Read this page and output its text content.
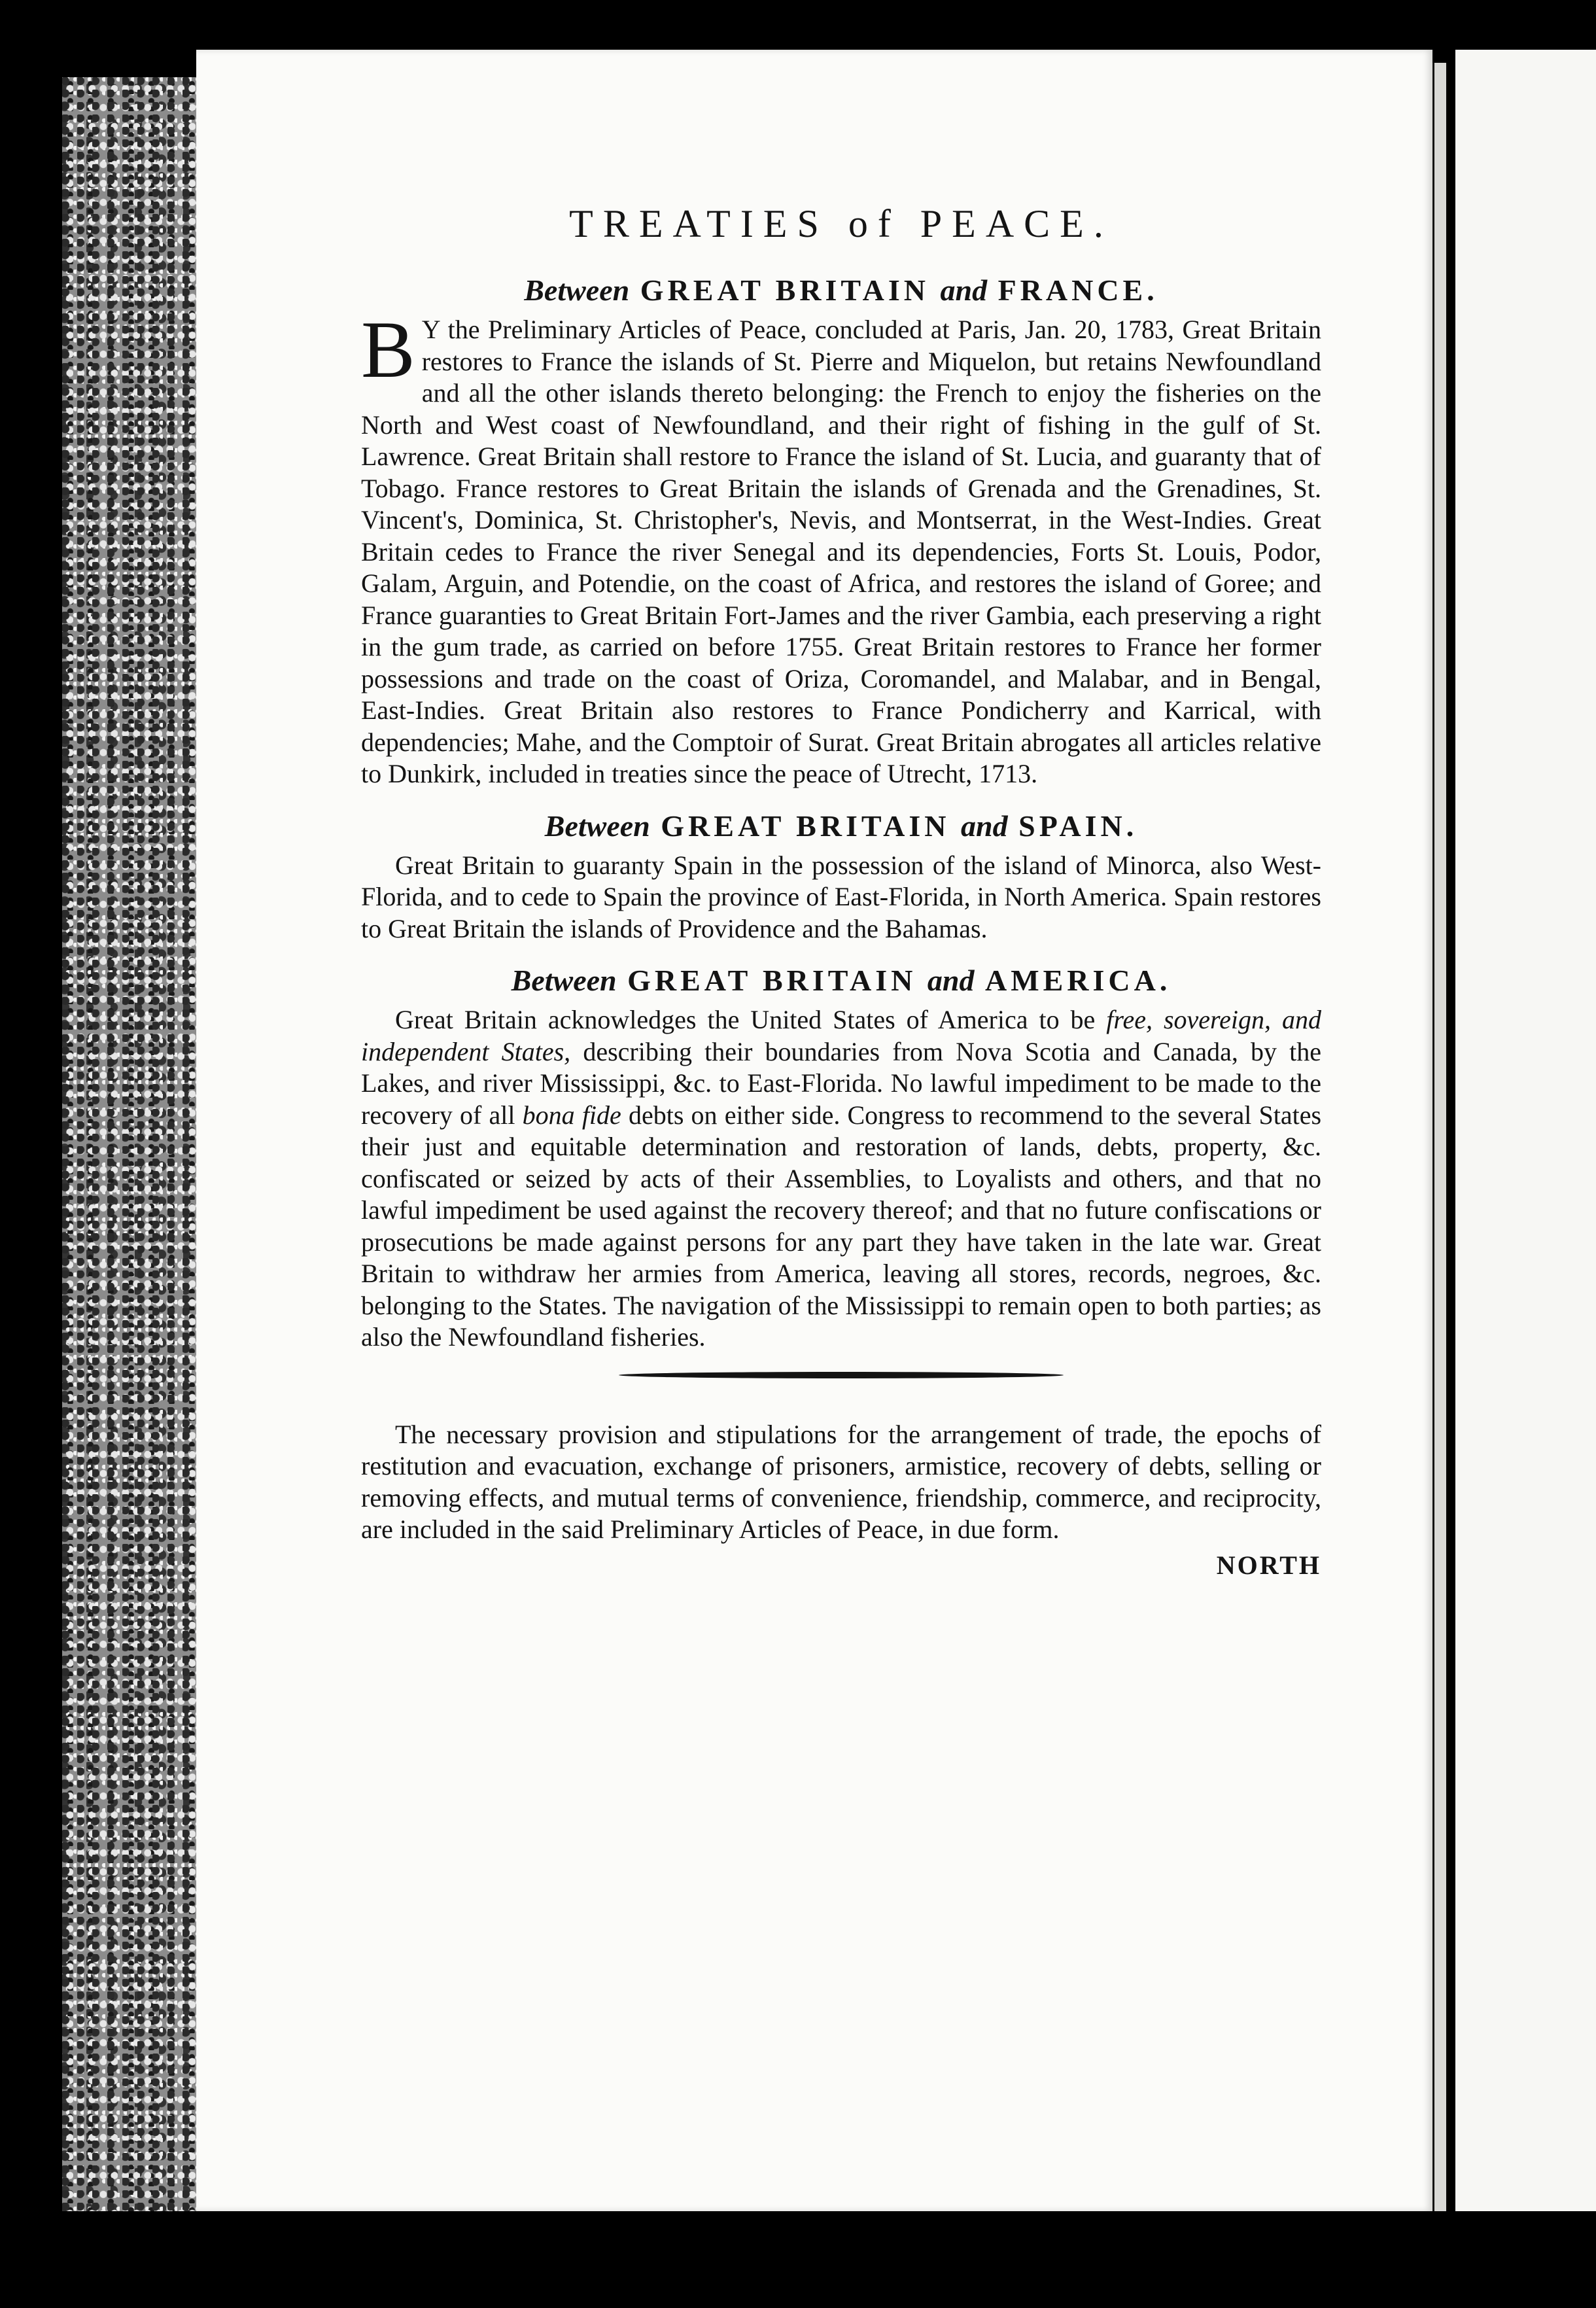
TREATIES of PEACE.
Between GREAT BRITAIN and FRANCE.

BY the Preliminary Articles of Peace, concluded at Paris, Jan. 20, 1783, Great Britain restores to France the islands of St. Pierre and Miquelon, but retains Newfoundland and all the other islands thereto belonging: the French to enjoy the fisheries on the North and West coast of Newfoundland, and their right of fishing in the gulf of St. Lawrence. Great Britain shall restore to France the island of St. Lucia, and guaranty that of Tobago. France restores to Great Britain the islands of Grenada and the Grenadines, St. Vincent's, Dominica, St. Christopher's, Nevis, and Montserrat, in the West-Indies. Great Britain cedes to France the river Senegal and its dependencies, Forts St. Louis, Podor, Galam, Arguin, and Potendie, on the coast of Africa, and restores the island of Goree; and France guaranties to Great Britain Fort-James and the river Gambia, each preserving a right in the gum trade, as carried on before 1755. Great Britain restores to France her former possessions and trade on the coast of Oriza, Coromandel, and Malabar, and in Bengal, East-Indies. Great Britain also restores to France Pondicherry and Karrical, with dependencies; Mahe, and the Comptoir of Surat. Great Britain abrogates all articles relative to Dunkirk, included in treaties since the peace of Utrecht, 1713.

Between GREAT BRITAIN and SPAIN.

Great Britain to guaranty Spain in the possession of the island of Minorca, also West-Florida, and to cede to Spain the province of East-Florida, in North America. Spain restores to Great Britain the islands of Providence and the Bahamas.

Between GREAT BRITAIN and AMERICA.

Great Britain acknowledges the United States of America to be free, sovereign, and independent States, describing their boundaries from Nova Scotia and Canada, by the Lakes, and river Mississippi, &c. to East-Florida. No lawful impediment to be made to the recovery of all bona fide debts on either side. Congress to recommend to the several States their just and equitable determination and restoration of lands, debts, property, &c. confiscated or seized by acts of their Assemblies, to Loyalists and others, and that no lawful impediment be used against the recovery thereof; and that no future confiscations or prosecutions be made against persons for any part they have taken in the late war. Great Britain to withdraw her armies from America, leaving all stores, records, negroes, &c. belonging to the States. The navigation of the Mississippi to remain open to both parties; as also the Newfoundland fisheries.

The necessary provision and stipulations for the arrangement of trade, the epochs of restitution and evacuation, exchange of prisoners, armistice, recovery of debts, selling or removing effects, and mutual terms of convenience, friendship, commerce, and reciprocity, are included in the said Preliminary Articles of Peace, in due form.

NORTH
